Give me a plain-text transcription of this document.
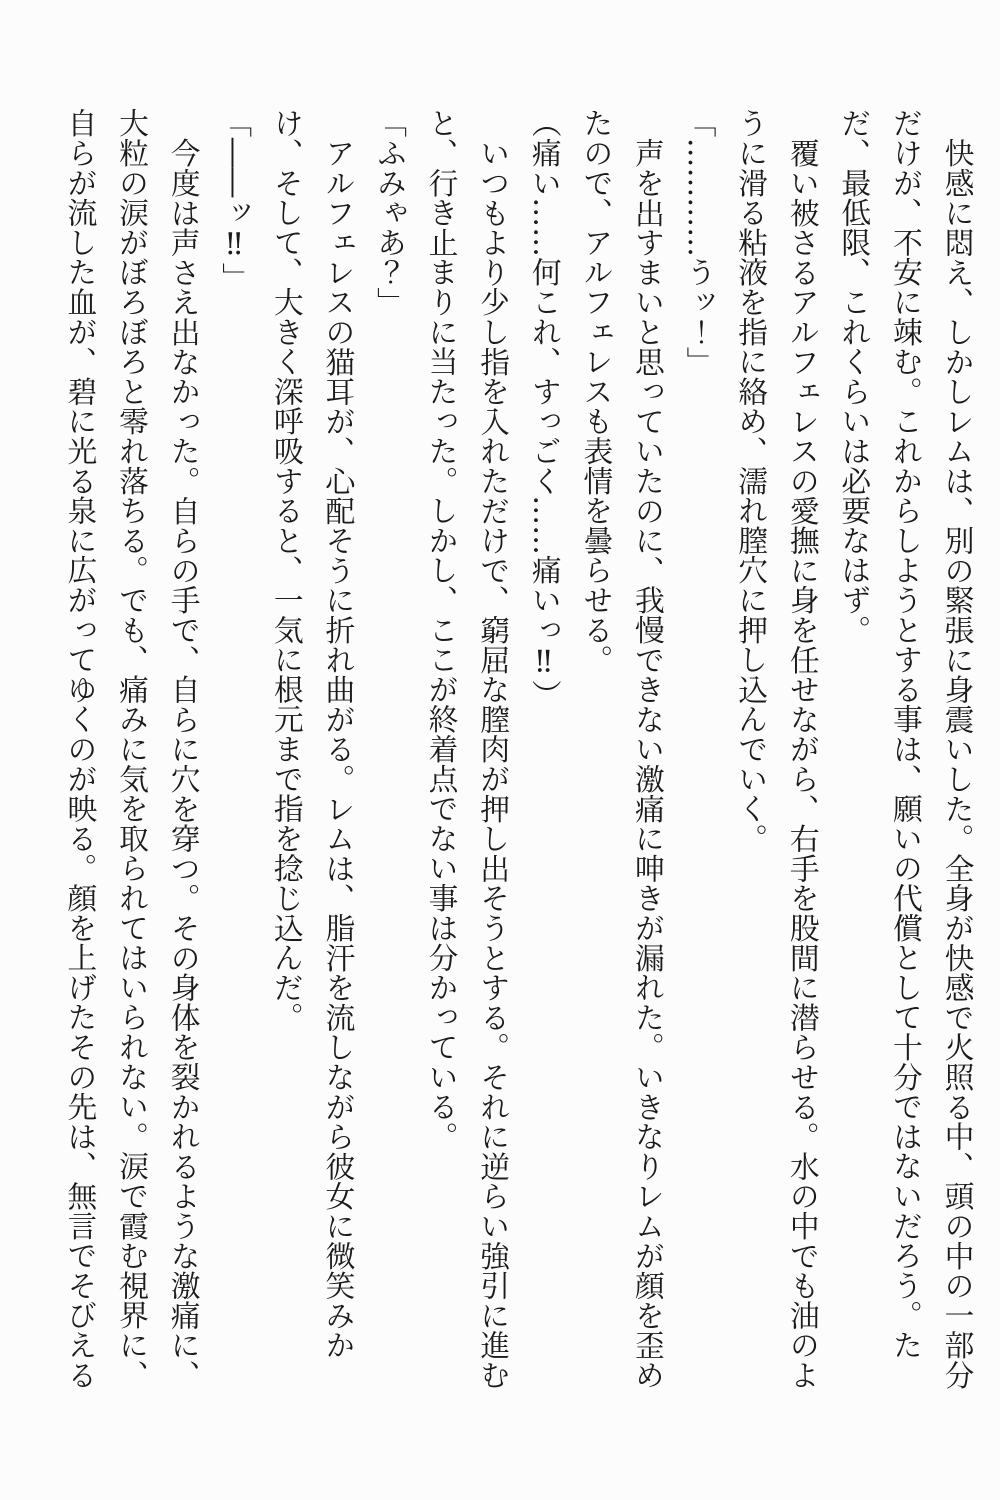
快感に悶え、しかしレムは、別の緊張に身震いした。全身が快感で火照る中、頭の中の一部分だけが、不安に竦む。これからしようとする事は、願いの代償として十分ではないだろう。ただ、最低限、これくらいは必要なはず。

覆い被さるアルフェレスの愛撫に身を任せながら、右手を股間に潜らせる。水の中でも油のように滑る粘液を指に絡め、濡れ膣穴に押し込んでいく。

「…………うッ！」

声を出すまいと思っていたのに、我慢できない激痛に呻きが漏れた。いきなりレムが顔を歪めたので、アルフェレスも表情を曇らせる。

（痛い……何これ、すっごく……痛いっ‼）

いつもより少し指を入れただけで、窮屈な膣肉が押し出そうとする。それに逆らい強引に進むと、行き止まりに当たった。しかし、ここが終着点でない事は分かっている。

「ふみゃあ？」

アルフェレスの猫耳が、心配そうに折れ曲がる。レムは、脂汗を流しながら彼女に微笑みかけ、そして、大きく深呼吸すると、一気に根元まで指を捻じ込んだ。

「――ッ‼」

今度は声さえ出なかった。自らの手で、自らに穴を穿つ。その身体を裂かれるような激痛に、大粒の涙がぼろぼろと零れ落ちる。でも、痛みに気を取られてはいられない。涙で霞む視界に、自らが流した血が、碧に光る泉に広がってゆくのが映る。顔を上げたその先は、無言でそびえる
